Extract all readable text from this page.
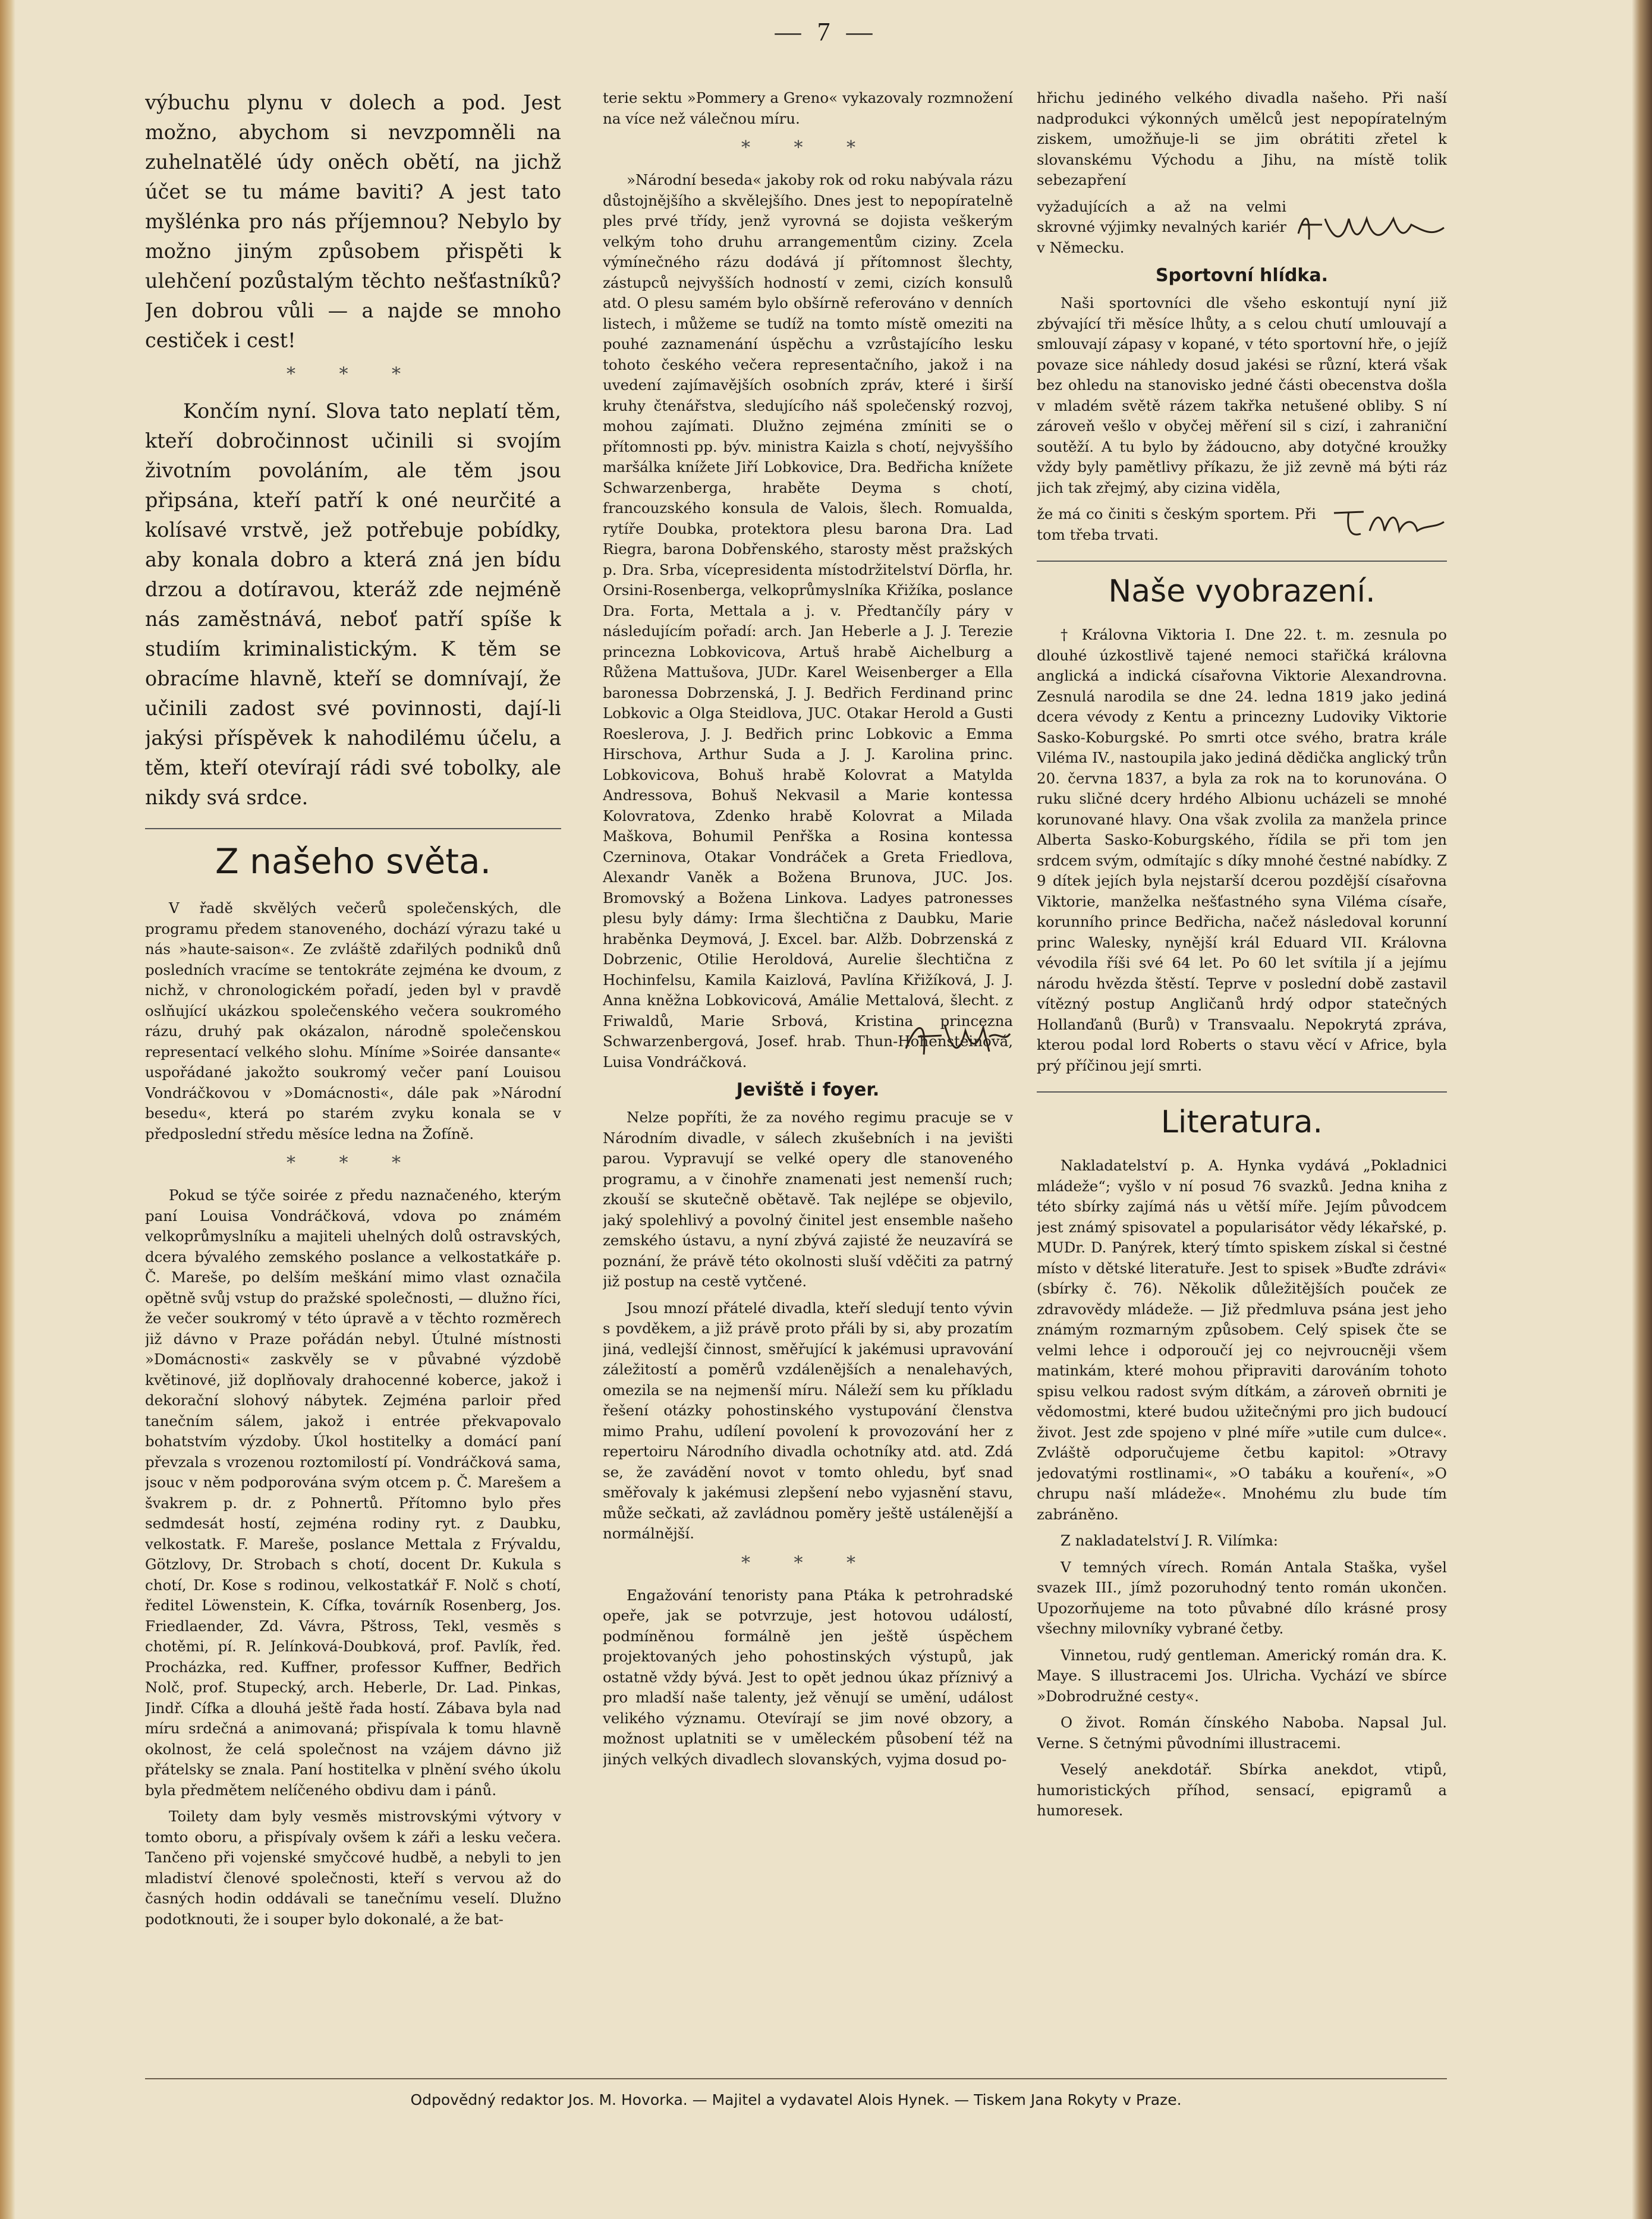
— 7 —

výbuchu plynu v dolech a pod. Jest možno, abychom si nevzpomněli na zuhelnatělé údy oněch obětí, na jichž účet se tu máme baviti? A jest tato myšlénka pro nás příjemnou? Nebylo by možno jiným způsobem přispěti k ulehčení pozůstalým těchto nešťastníků? Jen dobrou vůli — a najde se mnoho cestiček i cest!

* * *

Končím nyní. Slova tato neplatí těm, kteří dobročinnost učinili si svojím životním povoláním, ale těm jsou připsána, kteří patří k oné neurčité a kolísavé vrstvě, jež potřebuje pobídky, aby konala dobro a která zná jen bídu drzou a dotíravou, kteráž zde nejméně nás zaměstnává, neboť patří spíše k studiím kriminalistickým. K těm se obracíme hlavně, kteří se domnívají, že učinili zadost své povinnosti, dají-li jakýsi příspěvek k nahodilému účelu, a těm, kteří otevírají rádi své tobolky, ale nikdy svá srdce.

Z našeho světa.

V řadě skvělých večerů společenských, dle programu předem stanoveného, dochází výrazu také u nás »haute-saison«. Ze zvláště zdařilých podniků dnů posledních vracíme se tentokráte zejména ke dvoum, z nichž, v chronologickém pořadí, jeden byl v pravdě oslňující ukázkou společenského večera soukromého rázu, druhý pak okázalon, národně společenskou representací velkého slohu. Míníme »Soirée dansante« uspořádané jakožto soukromý večer paní Louisou Vondráčkovou v »Domácnosti«, dále pak »Národní besedu«, která po starém zvyku konala se v předposlední středu měsíce ledna na Žofíně.

* * *

Pokud se týče soirée z předu naznačeného, kterým paní Louisa Vondráčková, vdova po známém velkoprůmyslníku a majiteli uhelných dolů ostravských, dcera bývalého zemského poslance a velkostatkáře p. Č. Mareše, po delším meškání mimo vlast označila opětně svůj vstup do pražské společnosti, — dlužno říci, že večer soukromý v této úpravě a v těchto rozměrech již dávno v Praze pořádán nebyl. Útulné místnosti »Domácnosti« zaskvěly se v půvabné výzdobě květinové, již doplňovaly drahocenné koberce, jakož i dekorační slohový nábytek. Zejména parloir před tanečním sálem, jakož i entrée překvapovalo bohatstvím výzdoby. Úkol hostitelky a domácí paní převzala s vrozenou roztomilostí pí. Vondráčková sama, jsouc v něm podporována svým otcem p. Č. Marešem a švakrem p. dr. z Pohnertů. Přítomno bylo přes sedmdesát hostí, zejména rodiny ryt. z Daubku, velkostatk. F. Mareše, poslance Mettala z Frývaldu, Götzlovy, Dr. Strobach s chotí, docent Dr. Kukula s chotí, Dr. Kose s rodinou, velkostatkář F. Nolč s chotí, ředitel Löwenstein, K. Cífka, továrník Rosenberg, Jos. Friedlaender, Zd. Vávra, Pštross, Tekl, vesměs s chotěmi, pí. R. Jelínková-Doubková, prof. Pavlík, řed. Procházka, red. Kuffner, professor Kuffner, Bedřich Nolč, prof. Stupecký, arch. Heberle, Dr. Lad. Pinkas, Jindř. Cífka a dlouhá ještě řada hostí. Zábava byla nad míru srdečná a animovaná; přispívala k tomu hlavně okolnost, že celá společnost na vzájem dávno již přátelsky se znala. Paní hostitelka v plnění svého úkolu byla předmětem nelíčeného obdivu dam i pánů.

Toilety dam byly vesměs mistrovskými výtvory v tomto oboru, a přispívaly ovšem k záři a lesku večera. Tančeno při vojenské smyčcové hudbě, a nebyli to jen mladiství členové společnosti, kteří s vervou až do časných hodin oddávali se tanečnímu veselí. Dlužno podotknouti, že i souper bylo dokonalé, a že bat-

terie sektu »Pommery a Greno« vykazovaly rozmnožení na více než válečnou míru.

* * *

»Národní beseda« jakoby rok od roku nabývala rázu důstojnějšího a skvělejšího. Dnes jest to nepopíratelně ples prvé třídy, jenž vyrovná se dojista veškerým velkým toho druhu arrangementům ciziny. Zcela výmínečného rázu dodává jí přítomnost šlechty, zástupců nejvyšších hodností v zemi, cizích konsulů atd. O plesu samém bylo obšírně referováno v denních listech, i můžeme se tudíž na tomto místě omeziti na pouhé zaznamenání úspěchu a vzrůstajícího lesku tohoto českého večera representačního, jakož i na uvedení zajímavějších osobních zpráv, které i širší kruhy čtenářstva, sledujícího náš společenský rozvoj, mohou zajímati. Dlužno zejména zmíniti se o přítomnosti pp. býv. ministra Kaizla s chotí, nejvyššího maršálka knížete Jiří Lobkovice, Dra. Bedřicha knížete Schwarzenberga, hraběte Deyma s chotí, francouzského konsula de Valois, šlech. Romualda, rytíře Doubka, protektora plesu barona Dra. Lad Riegra, barona Dobřenského, starosty měst pražských p. Dra. Srba, vícepresidenta místodržitelství Dörfla, hr. Orsini-Rosenberga, velkoprůmyslníka Křižíka, poslance Dra. Forta, Mettala a j. v. Předtančíly páry v následujícím pořadí: arch. Jan Heberle a J. J. Terezie princezna Lobkovicova, Artuš hrabě Aichelburg a Růžena Mattušova, JUDr. Karel Weisenberger a Ella baronessa Dobrzenská, J. J. Bedřich Ferdinand princ Lobkovic a Olga Steidlova, JUC. Otakar Herold a Gusti Roeslerova, J. J. Bedřich princ Lobkovic a Emma Hirschova, Arthur Suda a J. J. Karolina princ. Lobkovicova, Bohuš hrabě Kolovrat a Matylda Andressova, Bohuš Nekvasil a Marie kontessa Kolovratova, Zdenko hrabě Kolovrat a Milada Maškova, Bohumil Penřška a Rosina kontessa Czerninova, Otakar Vondráček a Greta Friedlova, Alexandr Vaněk a Božena Brunova, JUC. Jos. Bromovský a Božena Linkova. Ladyes patronesses plesu byly dámy: Irma šlechtična z Daubku, Marie hraběnka Deymová, J. Excel. bar. Alžb. Dobrzenská z Dobrzenic, Otilie Heroldová, Aurelie šlechtična z Hochinfelsu, Kamila Kaizlová, Pavlína Křižíková, J. J. Anna kněžna Lobkovicová, Amálie Mettalová, šlecht. z Friwaldů, Marie Srbová, Kristina princezna Schwarzenbergová, Josef. hrab. Thun-Hohensteinová, Luisa Vondráčková.

Jeviště i foyer.

Nelze popříti, že za nového regimu pracuje se v Národním divadle, v sálech zkušebních i na jevišti parou. Vypravují se velké opery dle stanoveného programu, a v činohře znamenati jest nemenší ruch; zkouší se skutečně obětavě. Tak nejlépe se objevilo, jaký spolehlivý a povolný činitel jest ensemble našeho zemského ústavu, a nyní zbývá zajisté že neuzavírá se poznání, že právě této okolnosti sluší vděčiti za patrný již postup na cestě vytčené.

Jsou mnozí přátelé divadla, kteří sledují tento vývin s povděkem, a již právě proto přáli by si, aby prozatím jiná, vedlejší činnost, směřující k jakémusi upravování záležitostí a poměrů vzdálenějších a nenalehavých, omezila se na nejmenší míru. Náleží sem ku příkladu řešení otázky pohostinského vystupování členstva mimo Prahu, udílení povolení k provozování her z repertoiru Národního divadla ochotníky atd. atd. Zdá se, že zavádění novot v tomto ohledu, byť snad směřovaly k jakémusi zlepšení nebo vyjasnění stavu, může sečkati, až zavládnou poměry ještě ustálenější a normálnější.

* * *

Engažování tenoristy pana Ptáka k petrohradské opeře, jak se potvrzuje, jest hotovou událostí, podmíněnou formálně jen ještě úspěchem projektovaných jeho pohostinských výstupů, jak ostatně vždy bývá. Jest to opět jednou úkaz příznivý a pro mladší naše talenty, jež věnují se umění, událost velikého významu. Otevírají se jim nové obzory, a možnost uplatniti se v uměleckém působení též na jiných velkých divadlech slovanských, vyjma dosud po-

hřichu jediného velkého divadla našeho. Při naší nadprodukci výkonných umělců jest nepopíratelným ziskem, umožňuje-li se jim obrátiti zřetel k slovanskému Východu a Jihu, na místě tolik sebezapření

vyžadujících a až na velmi skrovné výjimky nevalných kariér v Německu.

Sportovní hlídka.

Naši sportovníci dle všeho eskontují nyní již zbývající tři měsíce lhůty, a s celou chutí umlouvají a smlouvají zápasy v kopané, v této sportovní hře, o jejíž povaze sice náhledy dosud jakési se různí, která však bez ohledu na stanovisko jedné části obecenstva došla v mladém světě rázem takřka netušené obliby. S ní zároveň vešlo v obyčej měření sil s cizí, i zahraniční soutěží. A tu bylo by žádoucno, aby dotyčné kroužky vždy byly pamětlivy příkazu, že již zevně má býti ráz jich tak zřejmý, aby cizina viděla,

že má co činiti s českým sportem. Při tom třeba trvati.

Naše vyobrazení.

† Královna Viktoria I. Dne 22. t. m. zesnula po dlouhé úzkostlivě tajené nemoci stařičká královna anglická a indická císařovna Viktorie Alexandrovna. Zesnulá narodila se dne 24. ledna 1819 jako jediná dcera vévody z Kentu a princezny Ludoviky Viktorie Sasko-Koburgské. Po smrti otce svého, bratra krále Viléma IV., nastoupila jako jediná dědička anglický trůn 20. června 1837, a byla za rok na to korunována. O ruku sličné dcery hrdého Albionu ucházeli se mnohé korunované hlavy. Ona však zvolila za manžela prince Alberta Sasko-Koburgského, řídila se při tom jen srdcem svým, odmítajíc s díky mnohé čestné nabídky. Z 9 dítek jejích byla nejstarší dcerou pozdější císařovna Viktorie, manželka nešťastného syna Viléma císaře, korunního prince Bedřicha, načež následoval korunní princ Walesky, nynější král Eduard VII. Královna vévodila říši své 64 let. Po 60 let svítila jí a jejímu národu hvězda štěstí. Teprve v poslední době zastavil vítězný postup Angličanů hrdý odpor statečných Hollanďanů (Burů) v Transvaalu. Nepokrytá zpráva, kterou podal lord Roberts o stavu věcí v Africe, byla prý příčinou její smrti.

Literatura.

Nakladatelství p. A. Hynka vydává „Pokladnici mládeže“; vyšlo v ní posud 76 svazků. Jedna kniha z této sbírky zajímá nás u větší míře. Jejím původcem jest známý spisovatel a popularisátor vědy lékařské, p. MUDr. D. Panýrek, který tímto spiskem získal si čestné místo v dětské literatuře. Jest to spisek »Buďte zdrávi« (sbírky č. 76). Několik důležitějších pouček ze zdravovědy mládeže. — Již předmluva psána jest jeho známým rozmarným způsobem. Celý spisek čte se velmi lehce i odporoučí jej co nejvroucněji všem matinkám, které mohou připraviti darováním tohoto spisu velkou radost svým dítkám, a zároveň obrniti je vědomostmi, které budou užitečnými pro jich budoucí život. Jest zde spojeno v plné míře »utile cum dulce«. Zvláště odporučujeme četbu kapitol: »Otravy jedovatými rostlinami«, »O tabáku a kouření«, »O chrupu naší mládeže«. Mnohému zlu bude tím zabráněno.

Z nakladatelství J. R. Vilímka:

V temných vírech. Román Antala Staška, vyšel svazek III., jímž pozoruhodný tento román ukončen. Upozorňujeme na toto půvabné dílo krásné prosy všechny milovníky vybrané četby.

Vinnetou, rudý gentleman. Americký román dra. K. Maye. S illustracemi Jos. Ulricha. Vychází ve sbírce »Dobrodružné cesty«.

O život. Román čínského Naboba. Napsal Jul. Verne. S četnými původními illustracemi.

Veselý anekdotář. Sbírka anekdot, vtipů, humoristických příhod, sensací, epigramů a humoresek.

Odpovědný redaktor Jos. M. Hovorka. — Majitel a vydavatel Alois Hynek. — Tiskem Jana Rokyty v Praze.
